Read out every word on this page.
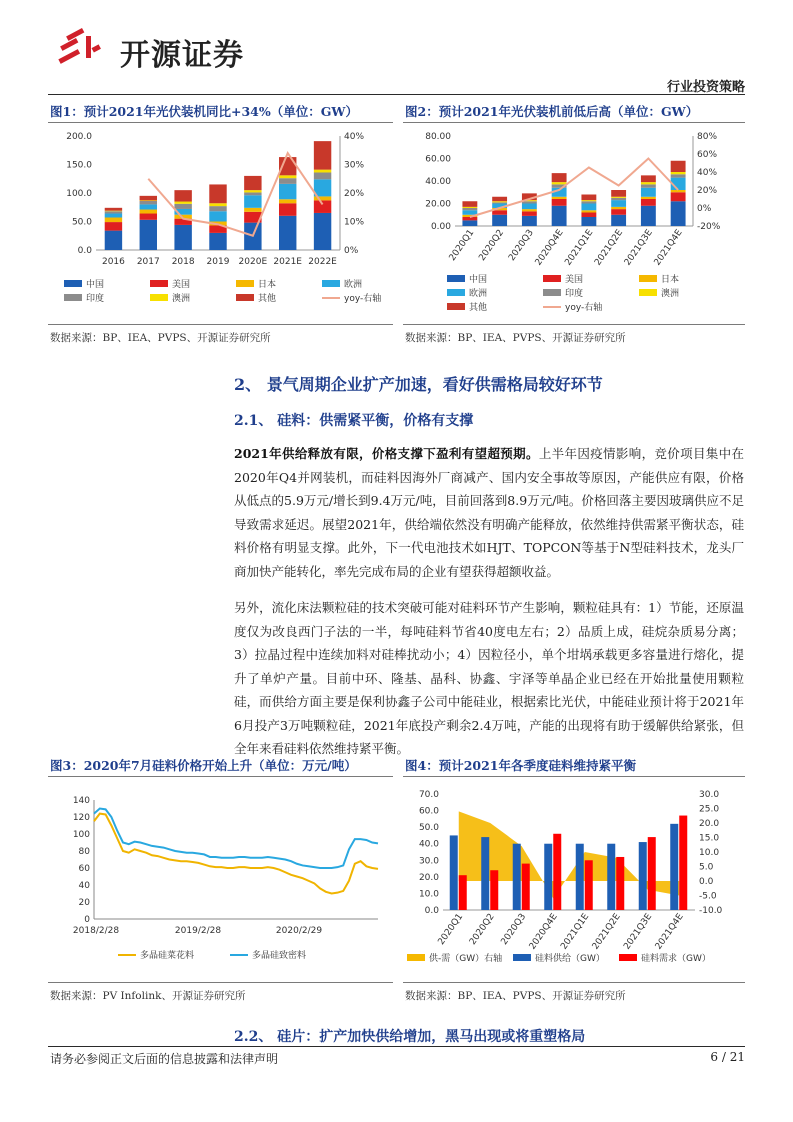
开源证券
行业投资策略
图1：预计2021年光伏装机同比+34%（单位：GW）
0.0
50.0
100.0
150.0
200.0
0%
10%
20%
30%
40%
2016 2017 2018 2019 2020E 2021E 2022E
中国	美国	日本	欧洲
印度	澳洲	其他	yoy-右轴
数据来源：BP、IEA、PVPS、开源证券研究所
图2：预计2021年光伏装机前低后高（单位：GW）
0.00
20.00
40.00
60.00
80.00
-20%
0%
20%
40%
60%
80%
2020Q1 2020Q2 2020Q3
2020Q4E
2021Q1E
2021Q2E
2021Q3E
2021Q4E
中国	美国	日本
欧洲	印度	澳洲
其他	yoy-右轴
数据来源：BP、IEA、PVPS、开源证券研究所
2、 景气周期企业扩产加速，看好供需格局较好环节
2.1、 硅料：供需紧平衡，价格有支撑
2021年供给释放有限，价格支撑下盈利有望超预期。上半年因疫情影响，竞价项目集中在2020年Q4并网装机，而硅料因海外厂商减产、国内安全事故等原因，产能供应有限，价格从低点的5.9万元/增长到9.4万元/吨，目前回落到8.9万元/吨。价格回落主要因玻璃供应不足导致需求延迟。展望2021年，供给端依然没有明确产能释放，依然维持供需紧平衡状态，硅料价格有明显支撑。此外，下一代电池技术如HJT、TOPCON等基于N型硅料技术，龙头厂商加快产能转化，率先完成布局的企业有望获得超额收益。
另外，流化床法颗粒硅的技术突破可能对硅料环节产生影响，颗粒硅具有：1）节能，还原温度仅为改良西门子法的一半，每吨硅料节省40度电左右；2）品质上成，硅烷杂质易分离；3）拉晶过程中连续加料对硅棒扰动小；4）因粒径小，单个坩埚承载更多容量进行熔化，提升了单炉产量。目前中环、隆基、晶科、协鑫、宇泽等单晶企业已经在开始批量使用颗粒硅，而供给方面主要是保利协鑫子公司中能硅业，根据索比光伏，中能硅业预计将于2021年6月投产3万吨颗粒硅，2021年底投产剩余2.4万吨，产能的出现将有助于缓解供给紧张，但全年来看硅料依然维持紧平衡。
图3：2020年7月硅料价格开始上升（单位：万元/吨）
0
20
40
60
80
100
120
140
2018/2/28	2019/2/28	2020/2/29
多晶硅菜花料	多晶硅致密料
数据来源：PV Infolink、开源证券研究所
图4：预计2021年各季度硅料维持紧平衡
0.0
10.0
20.0
30.0
40.0
50.0
60.0
70.0
-10.0
-5.0
0.0
5.0
10.0
15.0
20.0
25.0
30.0
2020Q1 2020Q2 2020Q3 2020Q4E 2021Q1E 2021Q2E 2021Q3E 2021Q4E
供-需（GW）右轴	硅料供给（GW）	硅料需求（GW）
数据来源：BP、IEA、PVPS、开源证券研究所
2.2、 硅片：扩产加快供给增加，黑马出现或将重塑格局
请务必参阅正文后面的信息披露和法律声明	6 / 21
